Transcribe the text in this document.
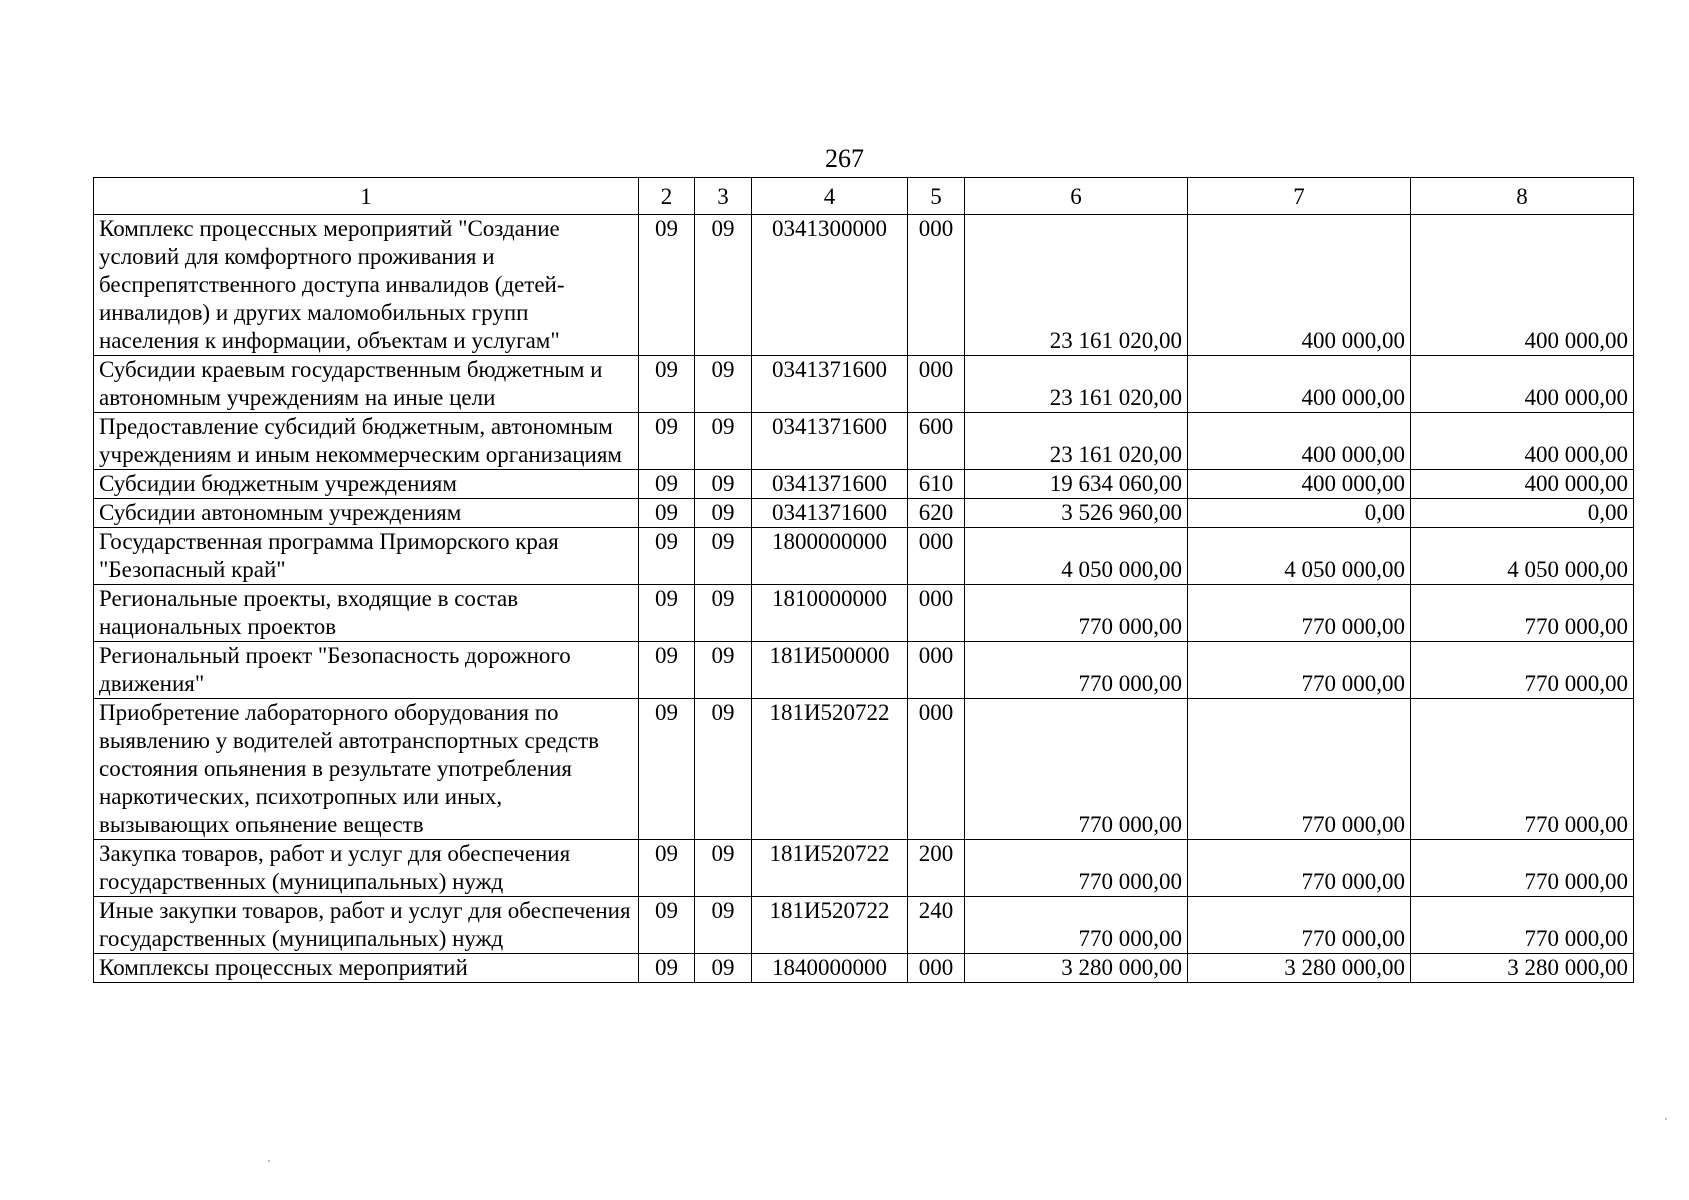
267
1	2	3	4	5	6	7	8
Комплекс процессных мероприятий "Создание условий для комфортного проживания и беспрепятственного доступа инвалидов (детей-инвалидов) и других маломобильных групп населения к информации, объектам и услугам"	09	09	0341300000	000	23 161 020,00	400 000,00	400 000,00
Субсидии краевым государственным бюджетным и автономным учреждениям на иные цели	09	09	0341371600	000	23 161 020,00	400 000,00	400 000,00
Предоставление субсидий бюджетным, автономным учреждениям и иным некоммерческим организациям	09	09	0341371600	600	23 161 020,00	400 000,00	400 000,00
Субсидии бюджетным учреждениям	09	09	0341371600	610	19 634 060,00	400 000,00	400 000,00
Субсидии автономным учреждениям	09	09	0341371600	620	3 526 960,00	0,00	0,00
Государственная программа Приморского края "Безопасный край"	09	09	1800000000	000	4 050 000,00	4 050 000,00	4 050 000,00
Региональные проекты, входящие в состав национальных проектов	09	09	1810000000	000	770 000,00	770 000,00	770 000,00
Региональный проект "Безопасность дорожного движения"	09	09	181И500000	000	770 000,00	770 000,00	770 000,00
Приобретение лабораторного оборудования по выявлению у водителей автотранспортных средств состояния опьянения в результате употребления наркотических, психотропных или иных, вызывающих опьянение веществ	09	09	181И520722	000	770 000,00	770 000,00	770 000,00
Закупка товаров, работ и услуг для обеспечения государственных (муниципальных) нужд	09	09	181И520722	200	770 000,00	770 000,00	770 000,00
Иные закупки товаров, работ и услуг для обеспечения государственных (муниципальных) нужд	09	09	181И520722	240	770 000,00	770 000,00	770 000,00
Комплексы процессных мероприятий	09	09	1840000000	000	3 280 000,00	3 280 000,00	3 280 000,00
